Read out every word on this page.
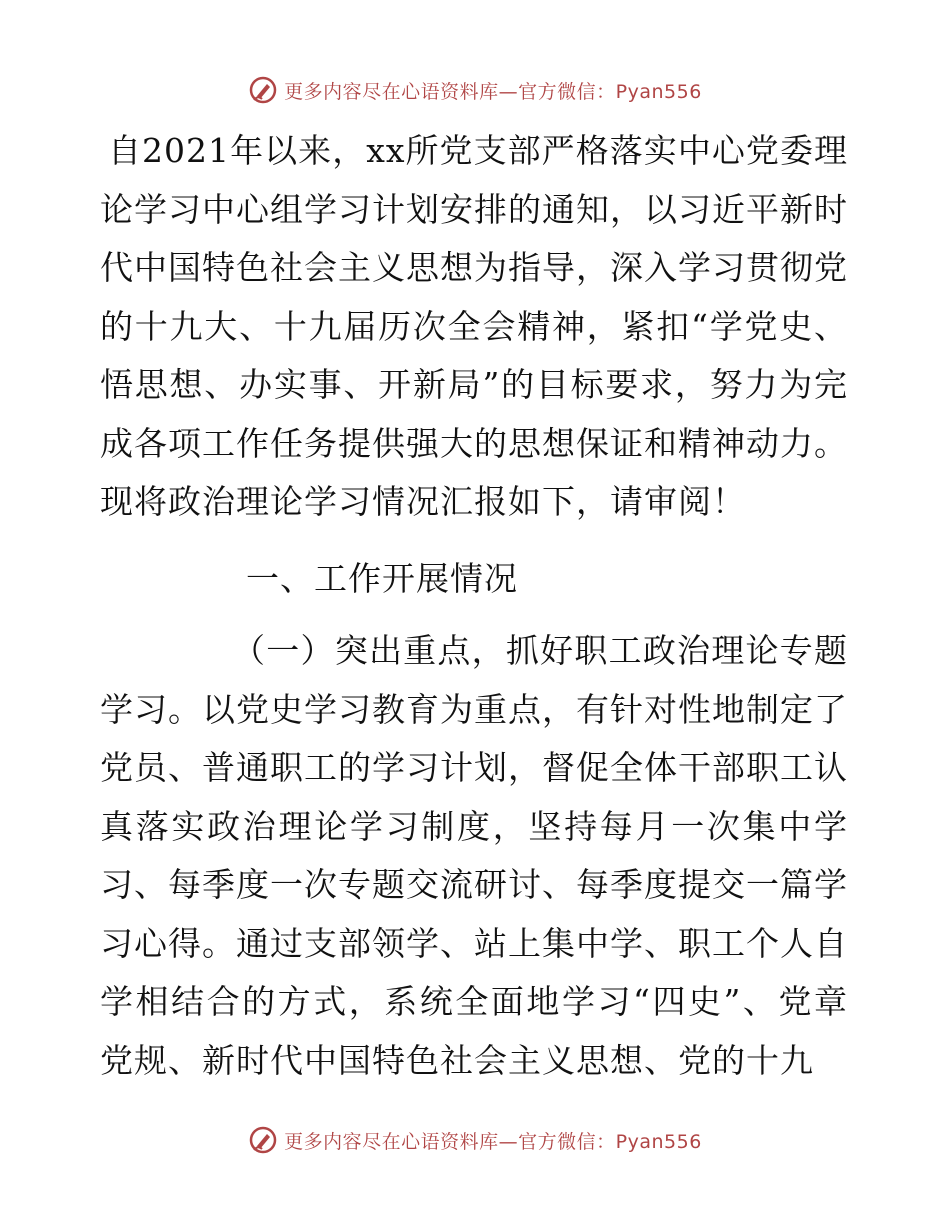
更多内容尽在心语资料库—官方微信：Pyan556

自2021年以来，xx所党支部严格落实中心党委理论学习中心组学习计划安排的通知，以习近平新时代中国特色社会主义思想为指导，深入学习贯彻党的十九大、十九届历次全会精神，紧扣“学党史、悟思想、办实事、开新局”的目标要求，努力为完成各项工作任务提供强大的思想保证和精神动力。现将政治理论学习情况汇报如下，请审阅！

一、工作开展情况

（一）突出重点，抓好职工政治理论专题学习。以党史学习教育为重点，有针对性地制定了党员、普通职工的学习计划，督促全体干部职工认真落实政治理论学习制度，坚持每月一次集中学习、每季度一次专题交流研讨、每季度提交一篇学习心得。通过支部领学、站上集中学、职工个人自学相结合的方式，系统全面地学习“四史”、党章党规、新时代中国特色社会主义思想、党的十九

更多内容尽在心语资料库—官方微信：Pyan556
